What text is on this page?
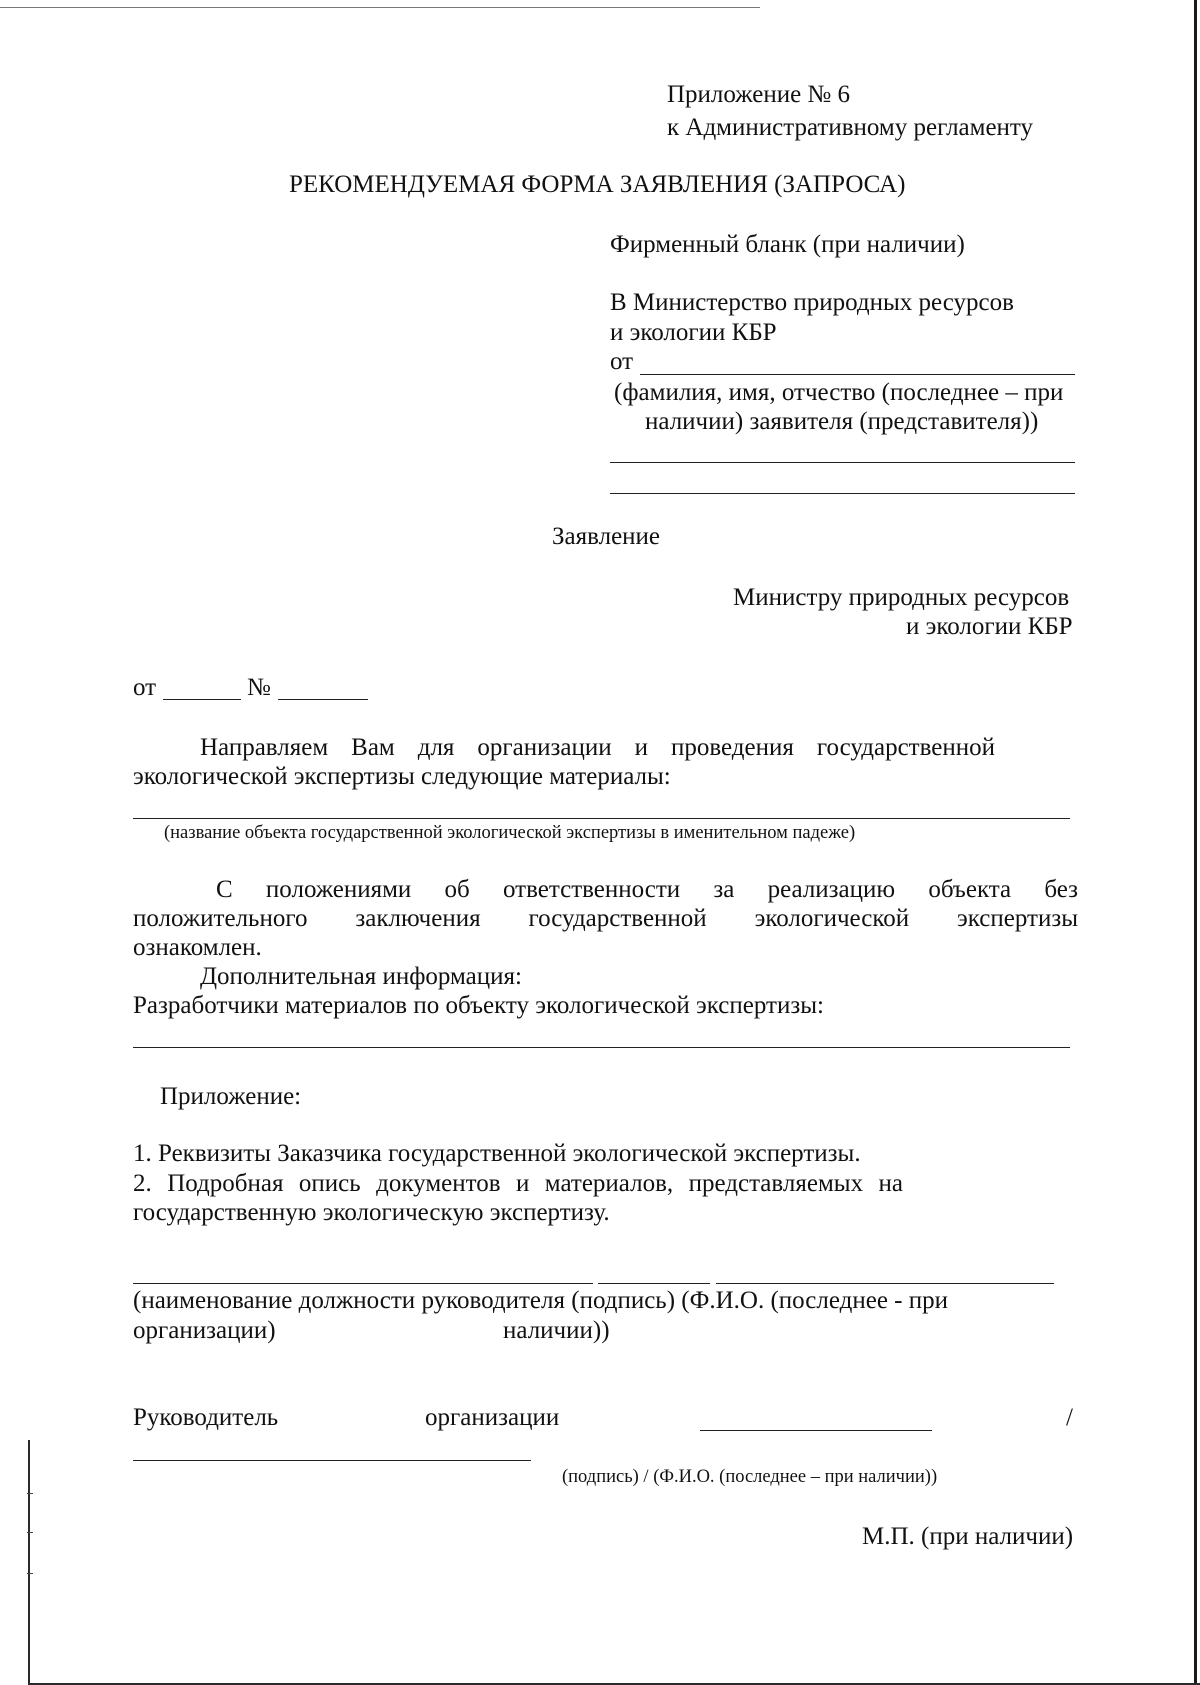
Приложение № 6
к Административному регламенту
РЕКОМЕНДУЕМАЯ ФОРМА ЗАЯВЛЕНИЯ (ЗАПРОСА)
Фирменный бланк (при наличии)
В Министерство природных ресурсов
и экологии КБР
от
(фамилия, имя, отчество (последнее – при
наличии) заявителя (представителя))
Заявление
Министру природных ресурсов
и экологии КБР
от	№
Направляем Вам для организации и проведения государственной
экологической экспертизы следующие материалы:
(название объекта государственной экологической экспертизы в именительном падеже)
С положениями об ответственности за реализацию объекта без
положительного заключения государственной экологической экспертизы
ознакомлен.
Дополнительная информация:
Разработчики материалов по объекту экологической экспертизы:
Приложение:
1. Реквизиты Заказчика государственной экологической экспертизы.
2. Подробная опись документов и материалов, представляемых на
государственную экологическую экспертизу.
(наименование должности руководителя (подпись) (Ф.И.О. (последнее - при
организации)	наличии))
Руководитель	организации	/
(подпись) / (Ф.И.О. (последнее – при наличии))
М.П. (при наличии)
